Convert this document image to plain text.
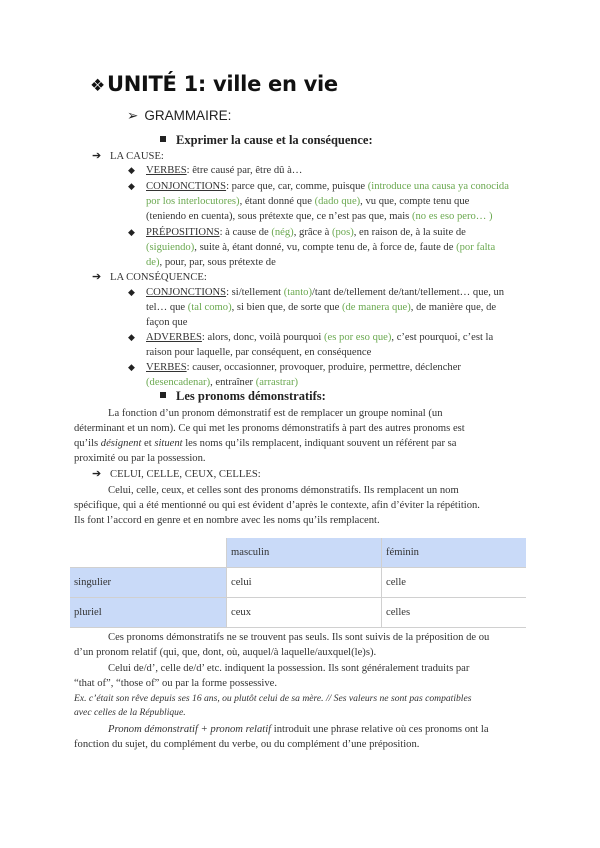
❖UNITÉ 1: ville en vie
➢ GRAMMAIRE:
Exprimer la cause et la conséquence:
➔ LA CAUSE:
◆ VERBES: être causé par, être dû à…
◆ CONJONCTIONS: parce que, car, comme, puisque (introduce una causa ya conocida
por los interlocutores), étant donné que (dado que), vu que, compte tenu que
(teniendo en cuenta), sous prétexte que, ce n’est pas que, mais (no es eso pero… )
◆ PRÉPOSITIONS: à cause de (nég), grâce à (pos), en raison de, à la suite de
(siguiendo), suite à, étant donné, vu, compte tenu de, à force de, faute de (por falta
de), pour, par, sous prétexte de
➔ LA CONSÉQUENCE:
◆ CONJONCTIONS: si/tellement (tanto)/tant de/tellement de/tant/tellement… que, un
tel… que (tal como), si bien que, de sorte que (de manera que), de manière que, de
façon que
◆ ADVERBES: alors, donc, voilà pourquoi (es por eso que), c’est pourquoi, c’est la
raison pour laquelle, par conséquent, en conséquence
◆ VERBES: causer, occasionner, provoquer, produire, permettre, déclencher
(desencadenar), entraîner (arrastrar)
Les pronoms démonstratifs:
La fonction d’un pronom démonstratif est de remplacer un groupe nominal (un
déterminant et un nom). Ce qui met les pronoms démonstratifs à part des autres pronoms est
qu’ils désignent et situent les noms qu’ils remplacent, indiquant souvent un référent par sa
proximité ou par la possession.
➔ CELUI, CELLE, CEUX, CELLES:
Celui, celle, ceux, et celles sont des pronoms démonstratifs. Ils remplacent un nom
spécifique, qui a été mentionné ou qui est évident d’après le contexte, afin d’éviter la répétition.
Ils font l’accord en genre et en nombre avec les noms qu’ils remplacent.
	masculin	féminin
singulier	celui	celle
pluriel	ceux	celles
Ces pronoms démonstratifs ne se trouvent pas seuls. Ils sont suivis de la préposition de ou
d’un pronom relatif (qui, que, dont, où, auquel/à laquelle/auxquel(le)s).
Celui de/d’, celle de/d’ etc. indiquent la possession. Ils sont généralement traduits par
“that of”, “those of” ou par la forme possessive.
Ex. c’était son rêve depuis ses 16 ans, ou plutôt celui de sa mère. // Ses valeurs ne sont pas compatibles
avec celles de la République.
Pronom démonstratif + pronom relatif introduit une phrase relative où ces pronoms ont la
fonction du sujet, du complément du verbe, ou du complément d’une préposition.
